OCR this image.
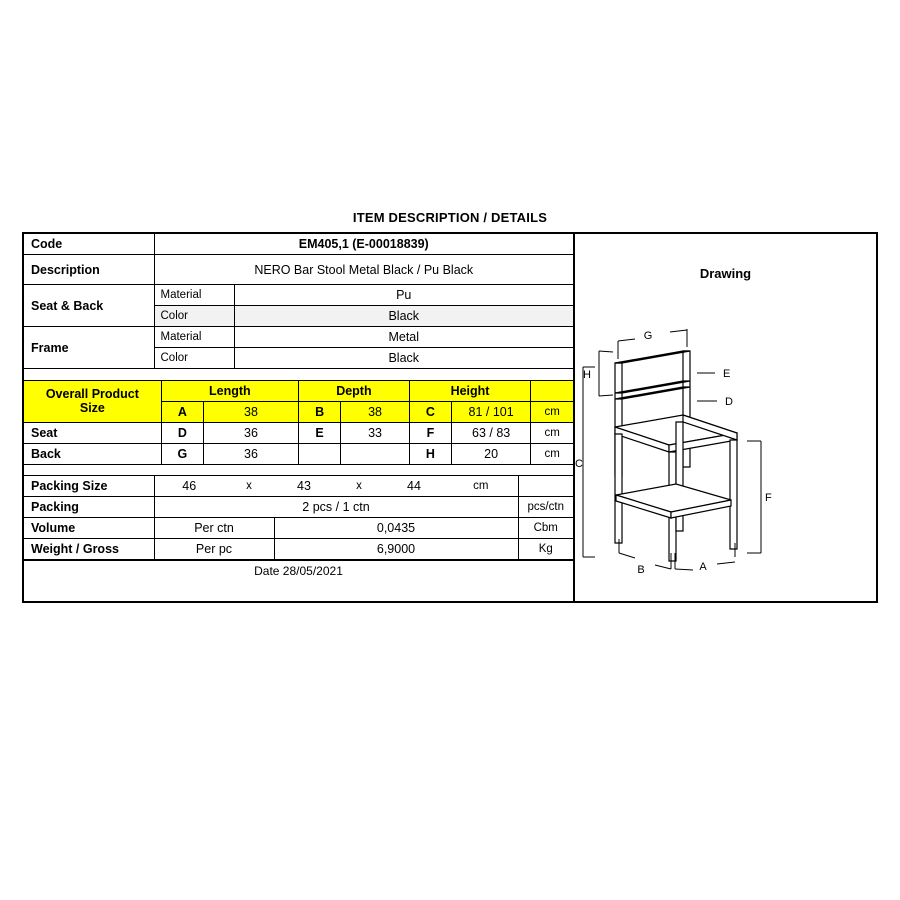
ITEM DESCRIPTION / DETAILS
Code	EM405,1 (E-00018839)	
Description	NERO Bar Stool Metal Black / Pu Black	
Seat & Back	Material	Pu
	Color	Black
Frame	Material	Metal
	Color	Black

Overall Product
Size	Length		Depth		Height		
	A	38	B	38	C	81 / 101	cm
Seat	D	36	E	33	F	63 / 83	cm
Back	G	36			H	20	cm

Packing Size	46	x	43	x	44	cm	
Packing	2 pcs / 1 ctn						pcs/ctn
Volume	Per ctn		0,0435				Cbm
Weight / Gross	Per pc		6,9000				Kg
Date 28/05/2021
Drawing
G
H	E
D
C
F
B	A
